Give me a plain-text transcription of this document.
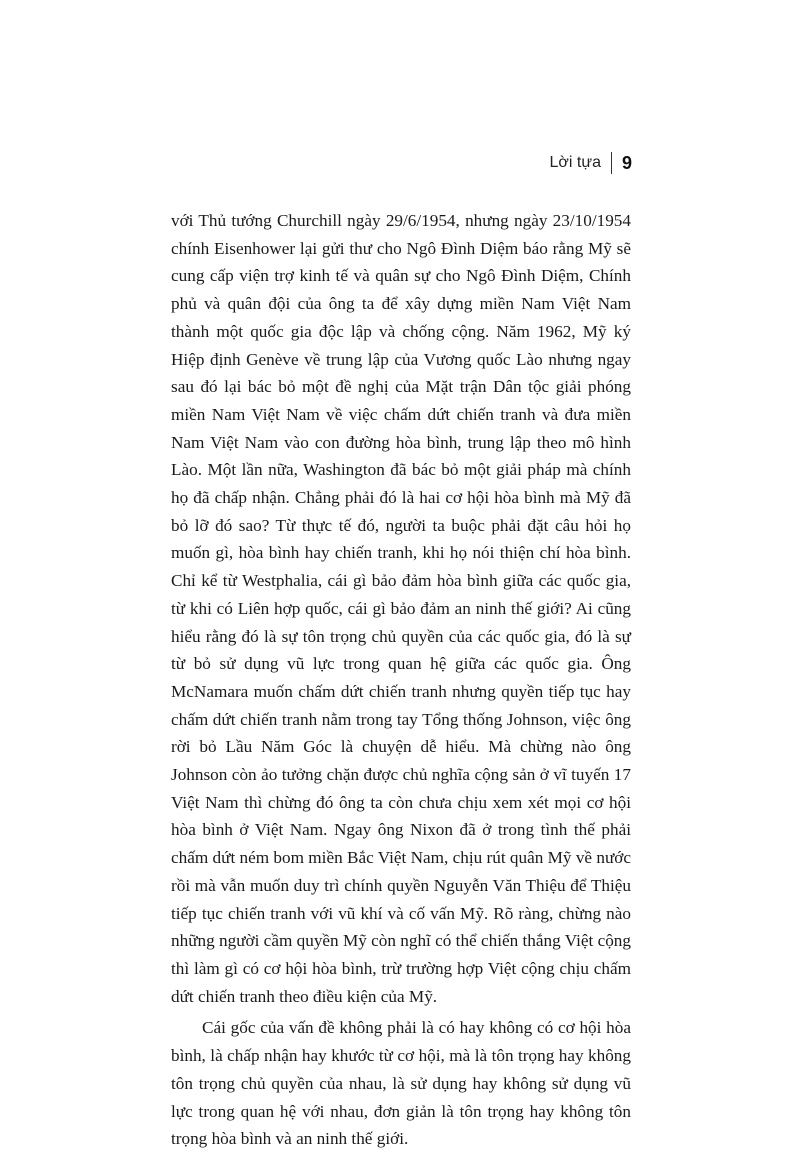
Lời tựa 9

với Thủ tướng Churchill ngày 29/6/1954, nhưng ngày 23/10/1954 chính Eisenhower lại gửi thư cho Ngô Đình Diệm báo rằng Mỹ sẽ cung cấp viện trợ kinh tế và quân sự cho Ngô Đình Diệm, Chính phủ và quân đội của ông ta để xây dựng miền Nam Việt Nam thành một quốc gia độc lập và chống cộng. Năm 1962, Mỹ ký Hiệp định Genève về trung lập của Vương quốc Lào nhưng ngay sau đó lại bác bỏ một đề nghị của Mặt trận Dân tộc giải phóng miền Nam Việt Nam về việc chấm dứt chiến tranh và đưa miền Nam Việt Nam vào con đường hòa bình, trung lập theo mô hình Lào. Một lần nữa, Washington đã bác bỏ một giải pháp mà chính họ đã chấp nhận. Chẳng phải đó là hai cơ hội hòa bình mà Mỹ đã bỏ lỡ đó sao? Từ thực tế đó, người ta buộc phải đặt câu hỏi họ muốn gì, hòa bình hay chiến tranh, khi họ nói thiện chí hòa bình. Chỉ kể từ Westphalia, cái gì bảo đảm hòa bình giữa các quốc gia, từ khi có Liên hợp quốc, cái gì bảo đảm an ninh thế giới? Ai cũng hiểu rằng đó là sự tôn trọng chủ quyền của các quốc gia, đó là sự từ bỏ sử dụng vũ lực trong quan hệ giữa các quốc gia. Ông McNamara muốn chấm dứt chiến tranh nhưng quyền tiếp tục hay chấm dứt chiến tranh nằm trong tay Tổng thống Johnson, việc ông rời bỏ Lầu Năm Góc là chuyện dễ hiểu. Mà chừng nào ông Johnson còn ảo tưởng chặn được chủ nghĩa cộng sản ở vĩ tuyến 17 Việt Nam thì chừng đó ông ta còn chưa chịu xem xét mọi cơ hội hòa bình ở Việt Nam. Ngay ông Nixon đã ở trong tình thế phải chấm dứt ném bom miền Bắc Việt Nam, chịu rút quân Mỹ về nước rồi mà vẫn muốn duy trì chính quyền Nguyễn Văn Thiệu để Thiệu tiếp tục chiến tranh với vũ khí và cố vấn Mỹ. Rõ ràng, chừng nào những người cầm quyền Mỹ còn nghĩ có thể chiến thắng Việt cộng thì làm gì có cơ hội hòa bình, trừ trường hợp Việt cộng chịu chấm dứt chiến tranh theo điều kiện của Mỹ.

Cái gốc của vấn đề không phải là có hay không có cơ hội hòa bình, là chấp nhận hay khước từ cơ hội, mà là tôn trọng hay không tôn trọng chủ quyền của nhau, là sử dụng hay không sử dụng vũ lực trong quan hệ với nhau, đơn giản là tôn trọng hay không tôn trọng hòa bình và an ninh thế giới.
